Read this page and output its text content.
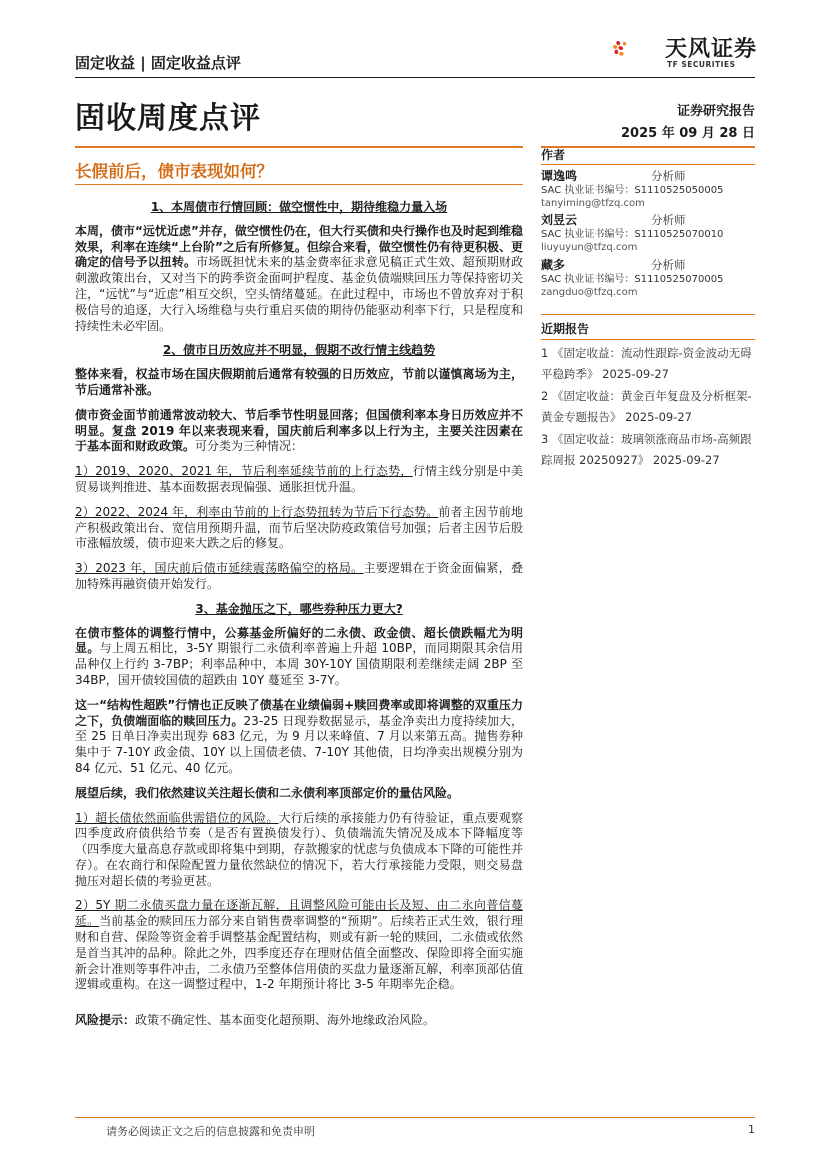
固定收益 | 固定收益点评
天风证券
TF SECURITIES
固收周度点评	证券研究报告
2025 年 09 月 28 日
长假前后，债市表现如何？

1、本周债市行情回顾：做空惯性中，期待维稳力量入场

本周，债市“远忧近虑”并存，做空惯性仍在，但大行买债和央行操作也及时起到维稳效果，利率在连续“上台阶”之后有所修复。但综合来看，做空惯性仍有待更积极、更确定的信号予以扭转。市场既担忧未来的基金费率征求意见稿正式生效、超预期财政刺激政策出台，又对当下的跨季资金面呵护程度、基金负债端赎回压力等保持密切关注，“远忧”与“近虑”相互交织，空头情绪蔓延。在此过程中，市场也不曾放弃对于积极信号的追逐，大行入场维稳与央行重启买债的期待仍能驱动利率下行，只是程度和持续性未必牢固。

2、债市日历效应并不明显，假期不改行情主线趋势

整体来看，权益市场在国庆假期前后通常有较强的日历效应，节前以谨慎离场为主，节后通常补涨。

债市资金面节前通常波动较大、节后季节性明显回落；但国债利率本身日历效应并不明显。复盘 2019 年以来表现来看，国庆前后利率多以上行为主，主要关注因素在于基本面和财政政策。可分类为三种情况：

1）2019、2020、2021 年，节后利率延续节前的上行态势，行情主线分别是中美贸易谈判推进、基本面数据表现偏强、通胀担忧升温。

2）2022、2024 年，利率由节前的上行态势扭转为节后下行态势。前者主因节前地产积极政策出台、宽信用预期升温，而节后坚决防疫政策信号加强；后者主因节后股市涨幅放缓，债市迎来大跌之后的修复。

3）2023 年，国庆前后债市延续震荡略偏空的格局。主要逻辑在于资金面偏紧，叠加特殊再融资债开始发行。

3、基金抛压之下，哪些券种压力更大?

在债市整体的调整行情中，公募基金所偏好的二永债、政金债、超长债跌幅尤为明显。与上周五相比，3-5Y 期银行二永债利率普遍上升超 10BP，而同期限其余信用品种仅上行约 3-7BP；利率品种中，本周 30Y-10Y 国债期限利差继续走阔 2BP 至 34BP，国开债较国债的超跌由 10Y 蔓延至 3-7Y。

这一“结构性超跌”行情也正反映了债基在业绩偏弱+赎回费率或即将调整的双重压力之下，负债端面临的赎回压力。23-25 日现券数据显示，基金净卖出力度持续加大，至 25 日单日净卖出现券 683 亿元，为 9 月以来峰值、7 月以来第五高。抛售券种集中于 7-10Y 政金债、10Y 以上国债老债、7-10Y 其他债，日均净卖出规模分别为 84 亿元、51 亿元、40 亿元。

展望后续，我们依然建议关注超长债和二永债利率顶部定价的量估风险。

1）超长债依然面临供需错位的风险。大行后续的承接能力仍有待验证，重点要观察四季度政府债供给节奏（是否有置换债发行）、负债端流失情况及成本下降幅度等（四季度大量高息存款或即将集中到期，存款搬家的忧虑与负债成本下降的可能性并存）。在农商行和保险配置力量依然缺位的情况下，若大行承接能力受限，则交易盘抛压对超长债的考验更甚。

2）5Y 期二永债买盘力量在逐渐瓦解，且调整风险可能由长及短、由二永向普信蔓延。当前基金的赎回压力部分来自销售费率调整的“预期”。后续若正式生效，银行理财和自营、保险等资金着手调整基金配置结构，则或有新一轮的赎回，二永债或依然是首当其冲的品种。除此之外，四季度还存在理财估值全面整改、保险即将全面实施新会计准则等事件冲击，二永债乃至整体信用债的买盘力量逐渐瓦解，利率顶部估值逻辑或重构。在这一调整过程中，1-2 年期预计将比 3-5 年期率先企稳。

风险提示：政策不确定性、基本面变化超预期、海外地缘政治风险。

作者
谭逸鸣	分析师
SAC 执业证书编号：S1110525050005
tanyiming@tfzq.com
刘昱云	分析师
SAC 执业证书编号：S1110525070010
liuyuyun@tfzq.com
藏多	分析师
SAC 执业证书编号：S1110525070005
zangduo@tfzq.com
近期报告

1 《固定收益：流动性跟踪-资金波动无碍平稳跨季》 2025-09-27

2 《固定收益：黄金百年复盘及分析框架-黄金专题报告》 2025-09-27

3 《固定收益：玻璃领涨商品市场-高频跟踪周报 20250927》 2025-09-27

请务必阅读正文之后的信息披露和免责申明	1
